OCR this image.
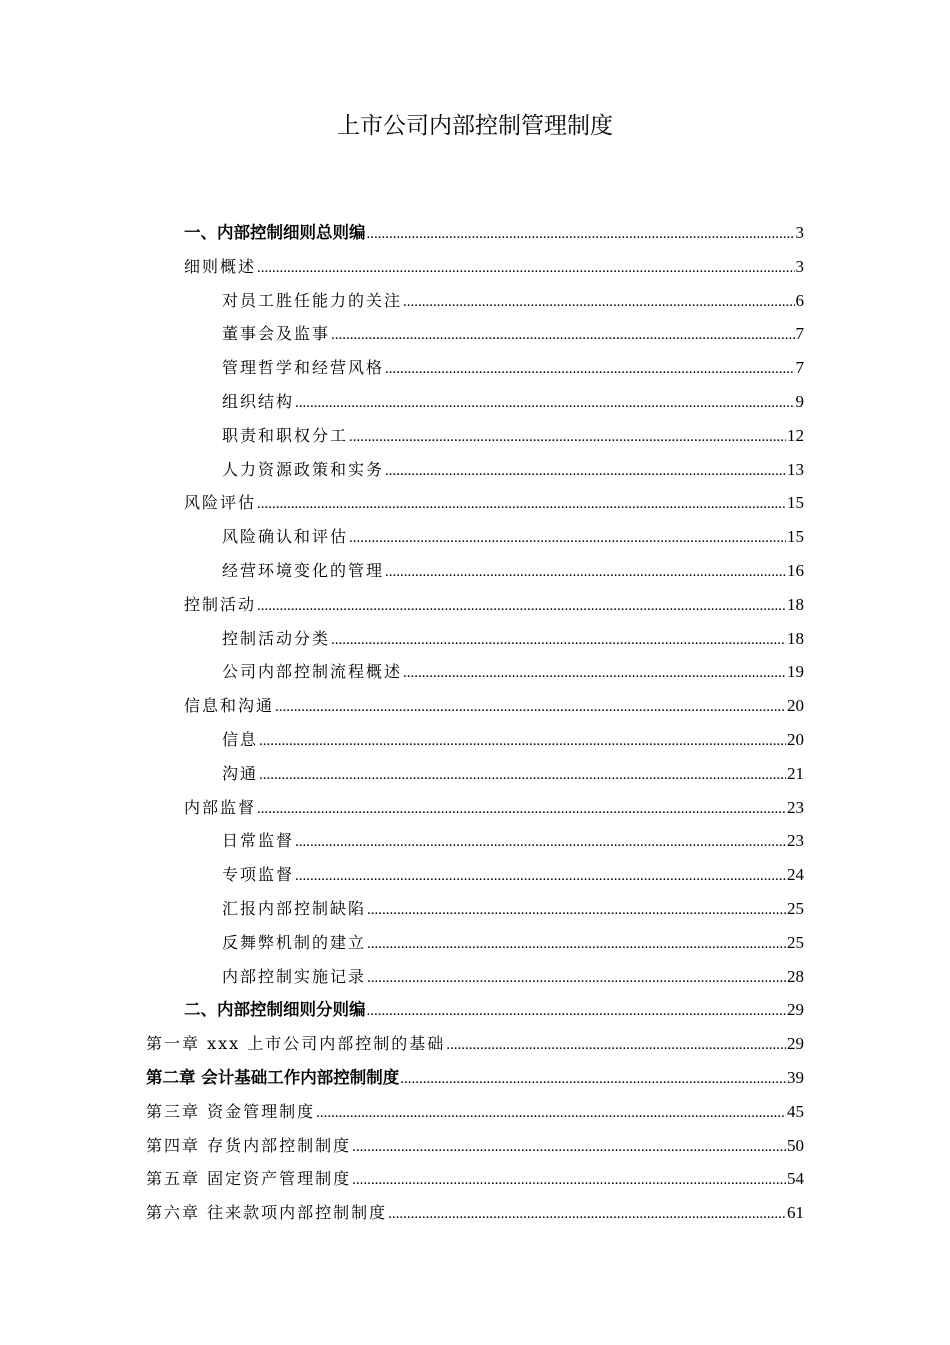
上市公司内部控制管理制度
一、内部控制细则总则编 .....	3
细则概述 .....	3
对员工胜任能力的关注 .....	6
董事会及监事 .....	7
管理哲学和经营风格 .....	7
组织结构 .....	9
职责和职权分工 .....	12
人力资源政策和实务 .....	13
风险评估 .....	15
风险确认和评估 .....	15
经营环境变化的管理 .....	16
控制活动 .....	18
控制活动分类 .....	18
公司内部控制流程概述 .....	19
信息和沟通 .....	20
信息 .....	20
沟通 .....	21
内部监督 .....	23
日常监督 .....	23
专项监督 .....	24
汇报内部控制缺陷 .....	25
反舞弊机制的建立 .....	25
内部控制实施记录 .....	28
二、内部控制细则分则编 .....	29
第一章 xxx 上市公司内部控制的基础 .....	29
第二章 会计基础工作内部控制制度 .....	39
第三章 资金管理制度 .....	45
第四章 存货内部控制制度 .....	50
第五章 固定资产管理制度 .....	54
第六章 往来款项内部控制制度 .....	61
